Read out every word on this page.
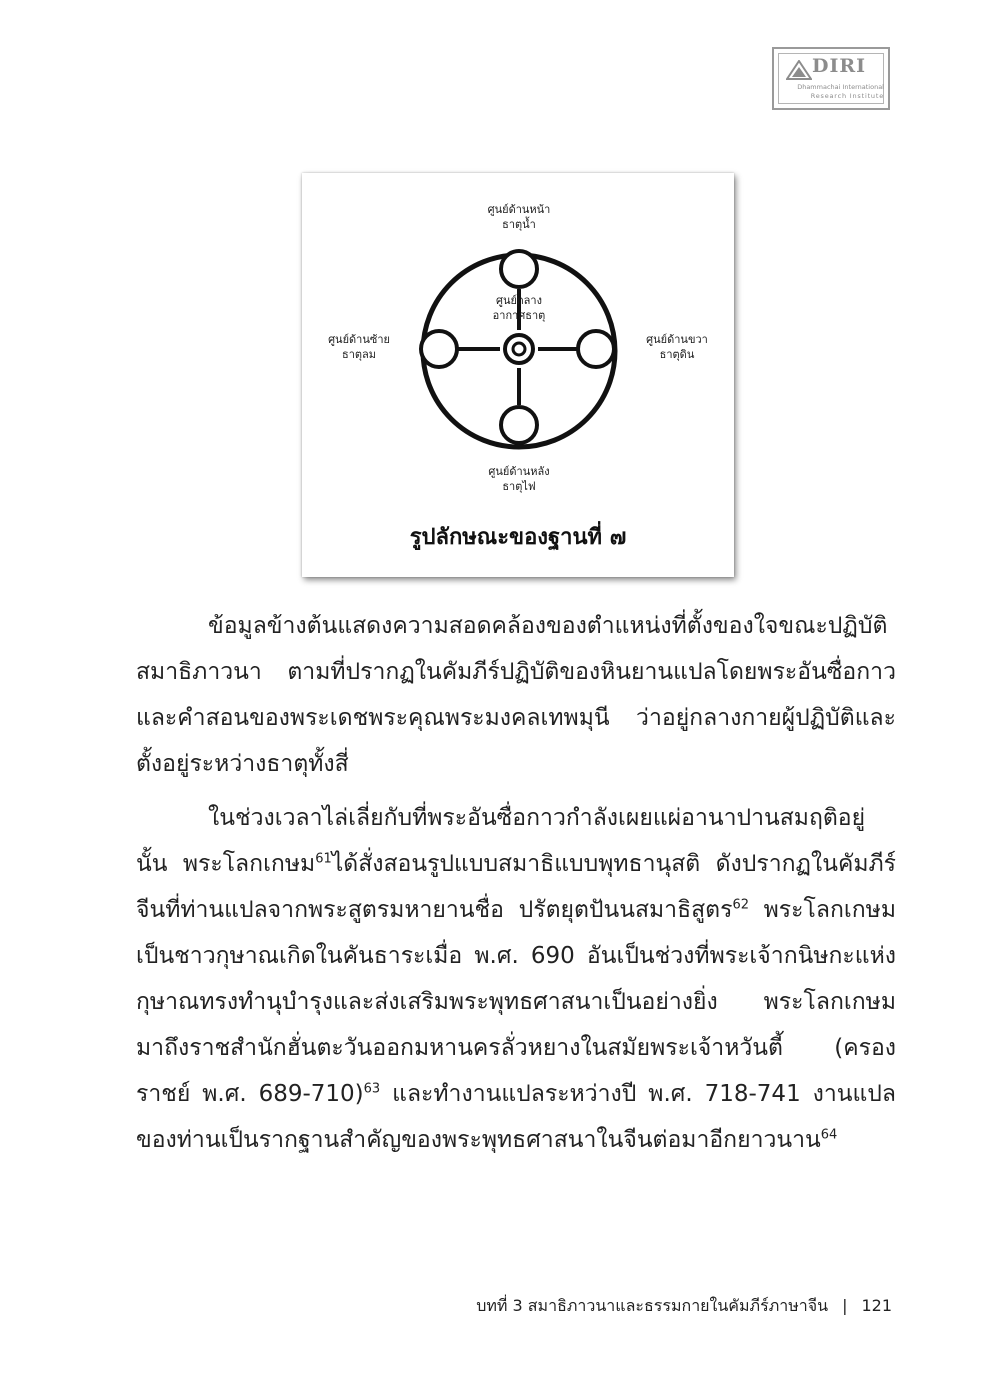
DIRI
Dhammachai International
Research Institute
ศูนย์ด้านหน้า
ธาตุน้ำ
ศูนย์กลาง
อากาศธาตุ
ศูนย์ด้านซ้าย
ธาตุลม
ศูนย์ด้านขวา
ธาตุดิน
ศูนย์ด้านหลัง
ธาตุไฟ
รูปลักษณะของฐานที่ ๗
ข้อมูลข้างต้นแสดงความสอดคล้องของตำแหน่งที่ตั้งของใจขณะปฏิบัติ
สมาธิภาวนา ตามที่ปรากฏในคัมภีร์ปฏิบัติของหินยานแปลโดยพระอันซื่อกาว
และคำสอนของพระเดชพระคุณพระมงคลเทพมุนี ว่าอยู่กลางกายผู้ปฏิบัติและ
ตั้งอยู่ระหว่างธาตุทั้งสี่
ในช่วงเวลาไล่เลี่ยกับที่พระอันซื่อกาวกำลังเผยแผ่อานาปานสมฤติอยู่
นั้น พระโลกเกษม$^{61}$ได้สั่งสอนรูปแบบสมาธิแบบพุทธานุสติ ดังปรากฏในคัมภีร์
จีนที่ท่านแปลจากพระสูตรมหายานชื่อ ปรัตยุตปันนสมาธิสูตร$^{62}$ พระโลกเกษม
เป็นชาวกุษาณเกิดในคันธาระเมื่อ พ.ศ. 690 อันเป็นช่วงที่พระเจ้ากนิษกะแห่ง
กุษาณทรงทำนุบำรุงและส่งเสริมพระพุทธศาสนาเป็นอย่างยิ่ง พระโลกเกษม
มาถึงราชสำนักฮั่นตะวันออกมหานครลั่วหยางในสมัยพระเจ้าหวันตี้ (ครอง
ราชย์ พ.ศ. 689-710)$^{63}$ และทำงานแปลระหว่างปี พ.ศ. 718-741 งานแปล
ของท่านเป็นรากฐานสำคัญของพระพุทธศาสนาในจีนต่อมาอีกยาวนาน$^{64}$
บทที่ 3 สมาธิภาวนาและธรรมกายในคัมภีร์ภาษาจีน | 121
